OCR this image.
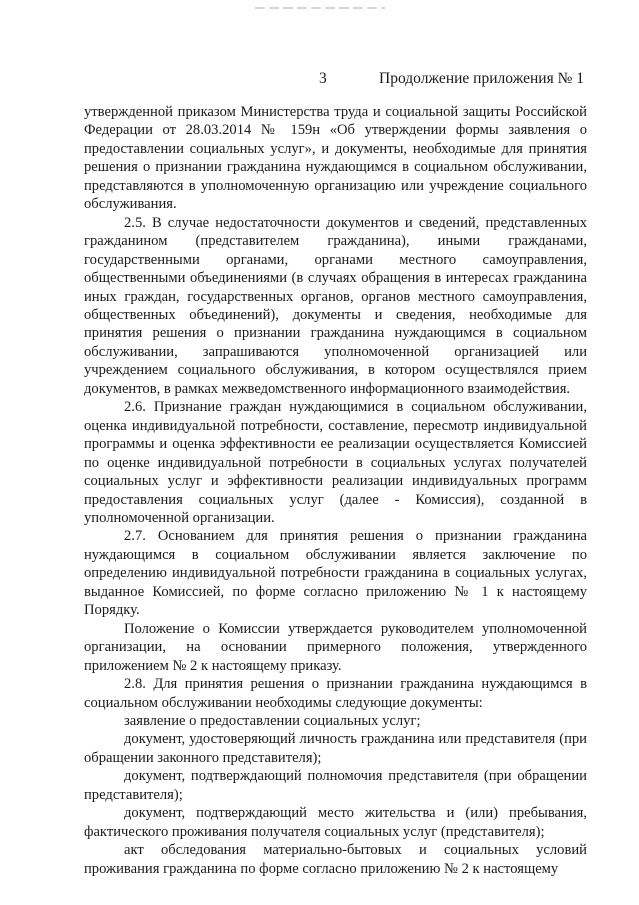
3	Продолжение приложения № 1

утвержденной приказом Министерства труда и социальной защиты Российской Федерации от 28.03.2014 № 159н «Об утверждении формы заявления о предоставлении социальных услуг», и документы, необходимые для принятия решения о признании гражданина нуждающимся в социальном обслуживании, представляются в уполномоченную организацию или учреждение социального обслуживания.

2.5. В случае недостаточности документов и сведений, представленных гражданином (представителем гражданина), иными гражданами, государственными органами, органами местного самоуправления, общественными объединениями (в случаях обращения в интересах гражданина иных граждан, государственных органов, органов местного самоуправления, общественных объединений), документы и сведения, необходимые для принятия решения о признании гражданина нуждающимся в социальном обслуживании, запрашиваются уполномоченной организацией или учреждением социального обслуживания, в котором осуществлялся прием документов, в рамках межведомственного информационного взаимодействия.

2.6. Признание граждан нуждающимися в социальном обслуживании, оценка индивидуальной потребности, составление, пересмотр индивидуальной программы и оценка эффективности ее реализации осуществляется Комиссией по оценке индивидуальной потребности в социальных услугах получателей социальных услуг и эффективности реализации индивидуальных программ предоставления социальных услуг (далее - Комиссия), созданной в уполномоченной организации.

2.7. Основанием для принятия решения о признании гражданина нуждающимся в социальном обслуживании является заключение по определению индивидуальной потребности гражданина в социальных услугах, выданное Комиссией, по форме согласно приложению № 1 к настоящему Порядку.

Положение о Комиссии утверждается руководителем уполномоченной организации, на основании примерного положения, утвержденного приложением № 2 к настоящему приказу.

2.8. Для принятия решения о признании гражданина нуждающимся в социальном обслуживании необходимы следующие документы:

заявление о предоставлении социальных услуг;

документ, удостоверяющий личность гражданина или представителя (при обращении законного представителя);

документ, подтверждающий полномочия представителя (при обращении представителя);

документ, подтверждающий место жительства и (или) пребывания, фактического проживания получателя социальных услуг (представителя);

акт обследования материально-бытовых и социальных условий проживания гражданина по форме согласно приложению № 2 к настоящему
